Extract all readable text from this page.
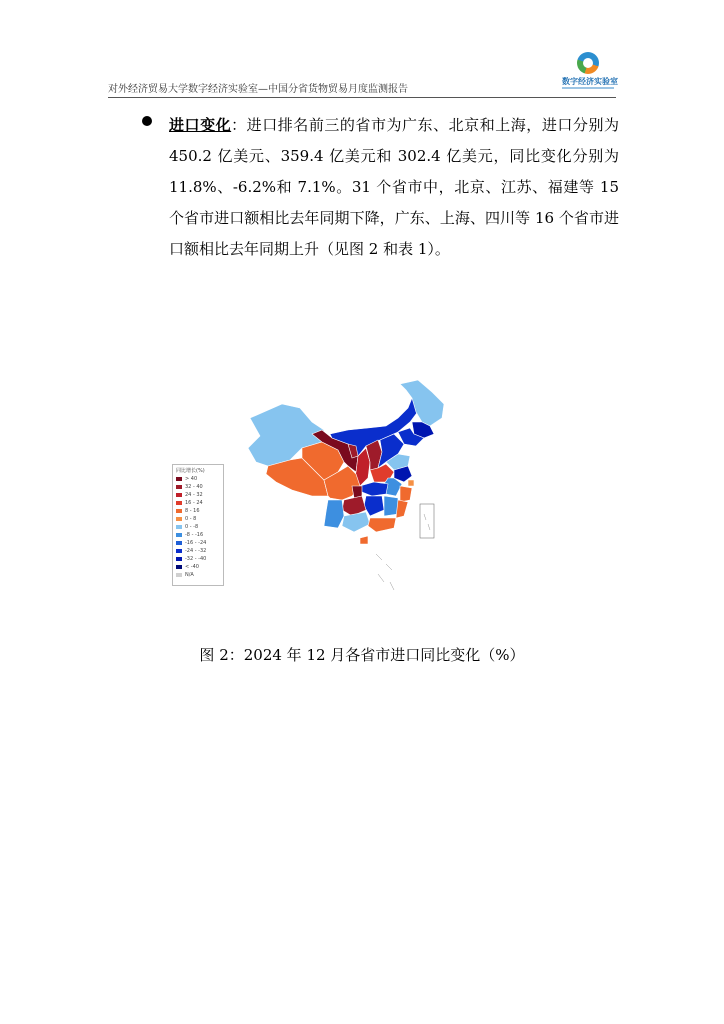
对外经济贸易大学数字经济实验室—中国分省货物贸易月度监测报告
数字经济实验室
进口变化：进口排名前三的省市为广东、北京和上海，进口分别为 450.2 亿美元、359.4 亿美元和 302.4 亿美元，同比变化分别为 11.8%、-6.2%和 7.1%。31 个省市中，北京、江苏、福建等 15 个省市进口额相比去年同期下降，广东、上海、四川等 16 个省市进口额相比去年同期上升（见图 2 和表 1）。
同比增长(%)
> 40
32 - 40
24 - 32
16 - 24
8 - 16
0 - 8
0 - -8
-8 - -16
-16 - -24
-24 - -32
-32 - -40
< -40
N/A
图 2：2024 年 12 月各省市进口同比变化（%）
